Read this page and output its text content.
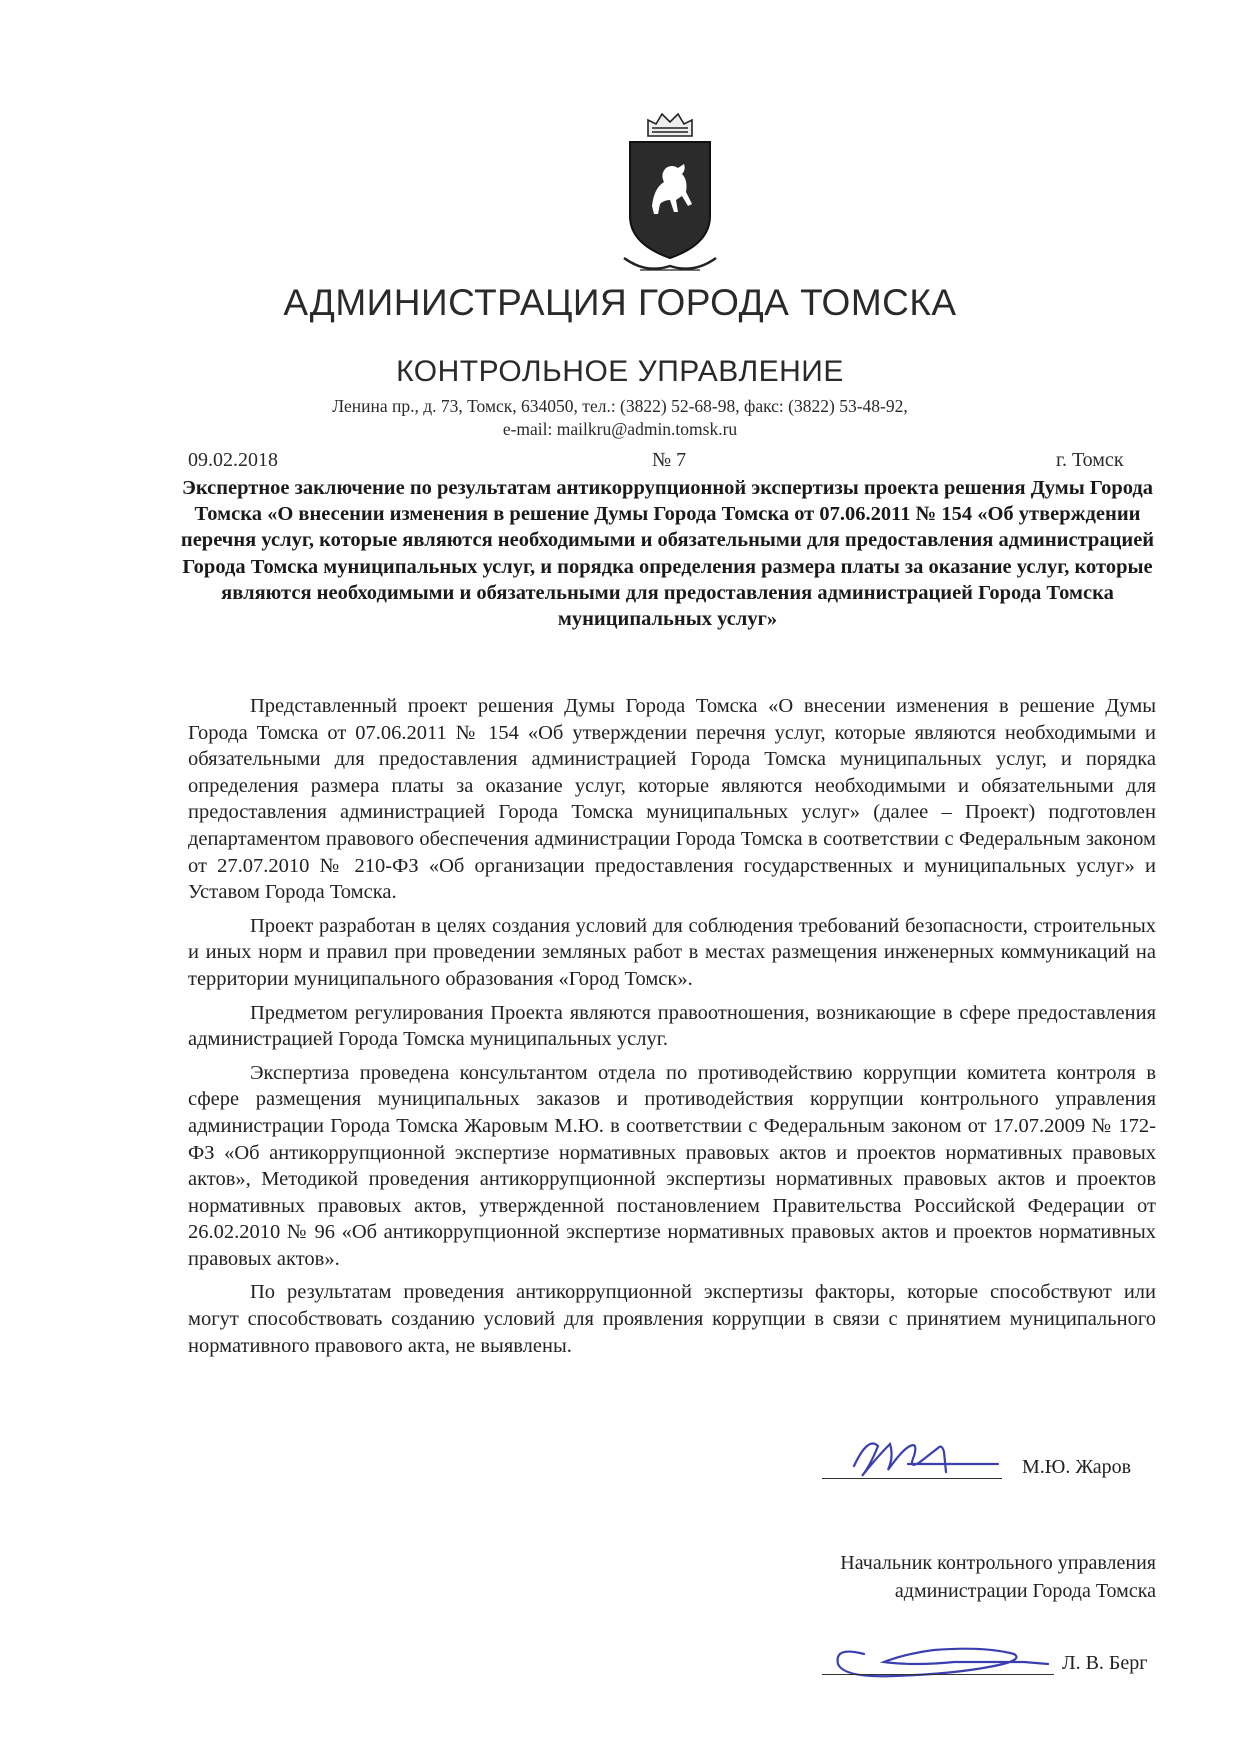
АДМИНИСТРАЦИЯ ГОРОДА ТОМСКА
КОНТРОЛЬНОЕ УПРАВЛЕНИЕ
Ленина пр., д. 73, Томск, 634050, тел.: (3822) 52-68-98, факс: (3822) 53-48-92,
e-mail: mailkru@admin.tomsk.ru
09.02.2018	№ 7	г. Томск
Экспертное заключение по результатам антикоррупционной экспертизы проекта решения Думы Города Томска «О внесении изменения в решение Думы Города Томска от 07.06.2011 № 154 «Об утверждении перечня услуг, которые являются необходимыми и обязательными для предоставления администрацией Города Томска муниципальных услуг, и порядка определения размера платы за оказание услуг, которые являются необходимыми и обязательными для предоставления администрацией Города Томска муниципальных услуг»

Представленный проект решения Думы Города Томска «О внесении изменения в решение Думы Города Томска от 07.06.2011 № 154 «Об утверждении перечня услуг, которые являются необходимыми и обязательными для предоставления администрацией Города Томска муниципальных услуг, и порядка определения размера платы за оказание услуг, которые являются необходимыми и обязательными для предоставления администрацией Города Томска муниципальных услуг» (далее – Проект) подготовлен департаментом правового обеспечения администрации Города Томска в соответствии с Федеральным законом от 27.07.2010 № 210-ФЗ «Об организации предоставления государственных и муниципальных услуг» и Уставом Города Томска.

Проект разработан в целях создания условий для соблюдения требований безопасности, строительных и иных норм и правил при проведении земляных работ в местах размещения инженерных коммуникаций на территории муниципального образования «Город Томск».

Предметом регулирования Проекта являются правоотношения, возникающие в сфере предоставления администрацией Города Томска муниципальных услуг.

Экспертиза проведена консультантом отдела по противодействию коррупции комитета контроля в сфере размещения муниципальных заказов и противодействия коррупции контрольного управления администрации Города Томска Жаровым М.Ю. в соответствии с Федеральным законом от 17.07.2009 № 172-ФЗ «Об антикоррупционной экспертизе нормативных правовых актов и проектов нормативных правовых актов», Методикой проведения антикоррупционной экспертизы нормативных правовых актов и проектов нормативных правовых актов, утвержденной постановлением Правительства Российской Федерации от 26.02.2010 № 96 «Об антикоррупционной экспертизе нормативных правовых актов и проектов нормативных правовых актов».

По результатам проведения антикоррупционной экспертизы факторы, которые способствуют или могут способствовать созданию условий для проявления коррупции в связи с принятием муниципального нормативного правового акта, не выявлены.

М.Ю. Жаров
Начальник контрольного управления
администрации Города Томска
Л. В. Берг
